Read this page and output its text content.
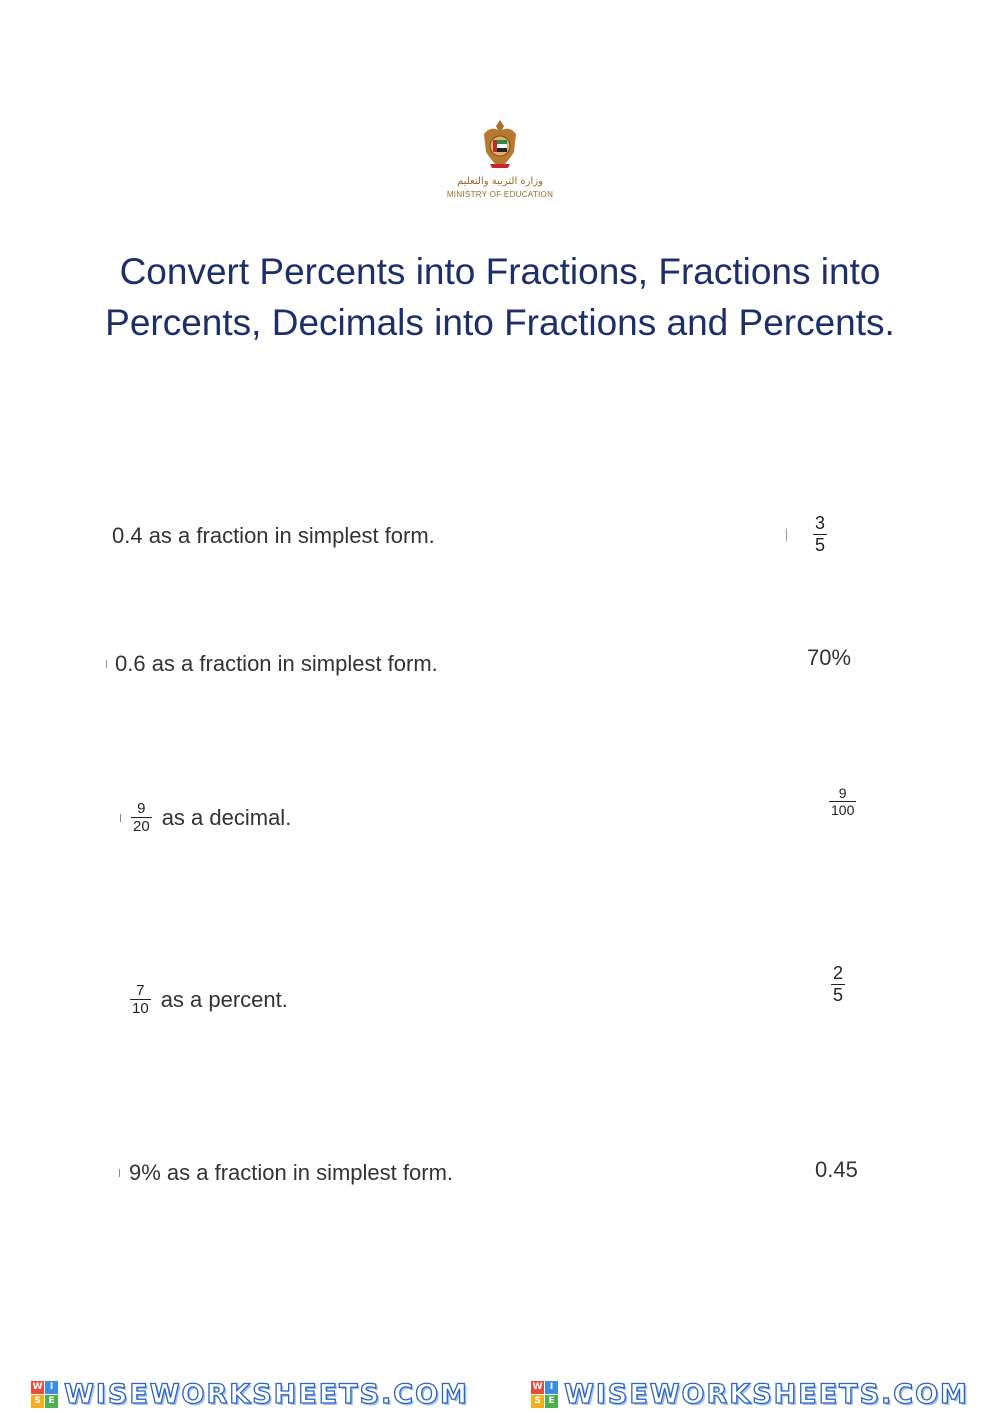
وزارة التربية والتعليم
MINISTRY OF EDUCATION
Convert Percents into Fractions, Fractions into Percents, Decimals into Fractions and Percents.
0.4 as a fraction in simplest form.
0.6 as a fraction in simplest form.
$\frac{9}{20}$ as a decimal.
$\frac{7}{10}$ as a percent.
9% as a fraction in simplest form.
$\frac{3}{5}$
70%
$\frac{9}{100}$
$\frac{2}{5}$
0.45
W I
S E WISEWORKSHEETS.COM	W I
S E WISEWORKSHEETS.COM
